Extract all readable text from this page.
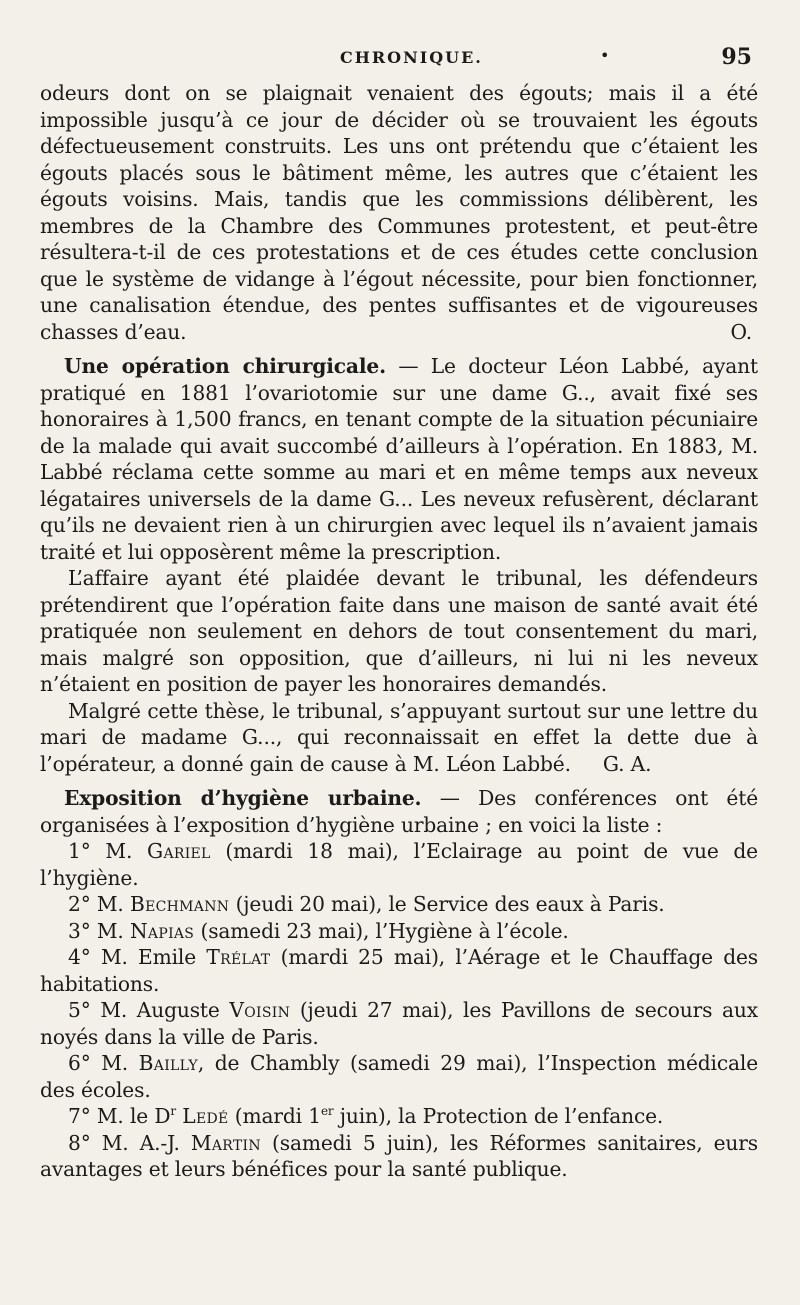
CHRONIQUE.	•	95

odeurs dont on se plaignait venaient des égouts; mais il a été impossible jusqu’à ce jour de décider où se trouvaient les égouts défectueusement construits. Les uns ont prétendu que c’étaient les égouts placés sous le bâtiment même, les autres que c’étaient les égouts voisins. Mais, tandis que les commissions délibèrent, les membres de la Chambre des Communes protestent, et peut-être résultera-t-il de ces protestations et de ces études cette conclusion que le système de vidange à l’égout nécessite, pour bien fonctionner, une canalisation étendue, des pentes suffisantes et de vigoureuses chasses d’eau.	O.

Une opération chirurgicale. — Le docteur Léon Labbé, ayant pratiqué en 1881 l’ovariotomie sur une dame G.., avait fixé ses honoraires à 1,500 francs, en tenant compte de la situation pécuniaire de la malade qui avait succombé d’ailleurs à l’opération. En 1883, M. Labbé réclama cette somme au mari et en même temps aux neveux légataires universels de la dame G... Les neveux refusèrent, déclarant qu’ils ne devaient rien à un chirurgien avec lequel ils n’avaient jamais traité et lui opposèrent même la prescription.

L’affaire ayant été plaidée devant le tribunal, les défendeurs prétendirent que l’opération faite dans une maison de santé avait été pratiquée non seulement en dehors de tout consentement du mari, mais malgré son opposition, que d’ailleurs, ni lui ni les neveux n’étaient en position de payer les honoraires demandés.

Malgré cette thèse, le tribunal, s’appuyant surtout sur une lettre du mari de madame G..., qui reconnaissait en effet la dette due à l’opérateur, a donné gain de cause à M. Léon Labbé. G. A.

Exposition d’hygiène urbaine. — Des conférences ont été organisées à l’exposition d’hygiène urbaine ; en voici la liste :

1° M. Gariel (mardi 18 mai), l’Eclairage au point de vue de l’hygiène.

2° M. Bechmann (jeudi 20 mai), le Service des eaux à Paris.

3° M. Napias (samedi 23 mai), l’Hygiène à l’école.

4° M. Emile Trélat (mardi 25 mai), l’Aérage et le Chauffage des habitations.

5° M. Auguste Voisin (jeudi 27 mai), les Pavillons de secours aux noyés dans la ville de Paris.

6° M. Bailly, de Chambly (samedi 29 mai), l’Inspection médicale des écoles.

7° M. le $D^r$ Ledé (mardi 1er juin), la Protection de l’enfance.

8° M. A.-J. Martin (samedi 5 juin), les Réformes sanitaires, eurs avantages et leurs bénéfices pour la santé publique.
